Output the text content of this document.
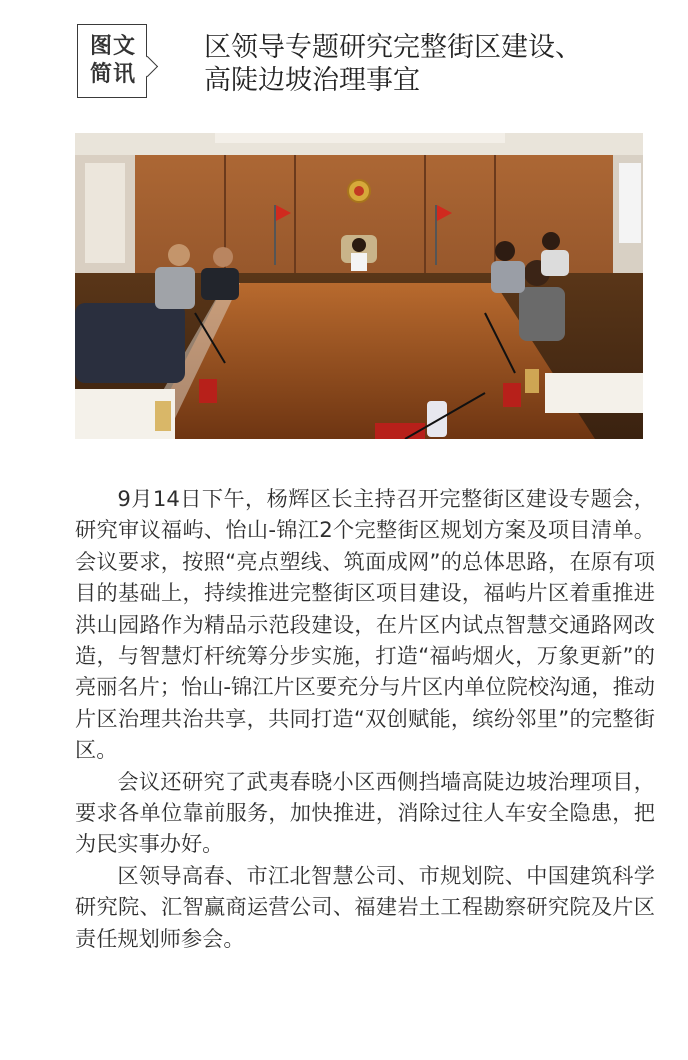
图文
简讯
区领导专题研究完整街区建设、
高陡边坡治理事宜

9月14日下午，杨辉区长主持召开完整街区建设专题会，研究审议福屿、怡山-锦江2个完整街区规划方案及项目清单。会议要求，按照“亮点塑线、筑面成网”的总体思路，在原有项目的基础上，持续推进完整街区项目建设，福屿片区着重推进洪山园路作为精品示范段建设，在片区内试点智慧交通路网改造，与智慧灯杆统筹分步实施，打造“福屿烟火，万象更新”的亮丽名片；怡山-锦江片区要充分与片区内单位院校沟通，推动片区治理共治共享，共同打造“双创赋能，缤纷邻里”的完整街区。

会议还研究了武夷春晓小区西侧挡墙高陡边坡治理项目，要求各单位靠前服务，加快推进，消除过往人车安全隐患，把为民实事办好。

区领导高春、市江北智慧公司、市规划院、中国建筑科学研究院、汇智赢商运营公司、福建岩土工程勘察研究院及片区责任规划师参会。
